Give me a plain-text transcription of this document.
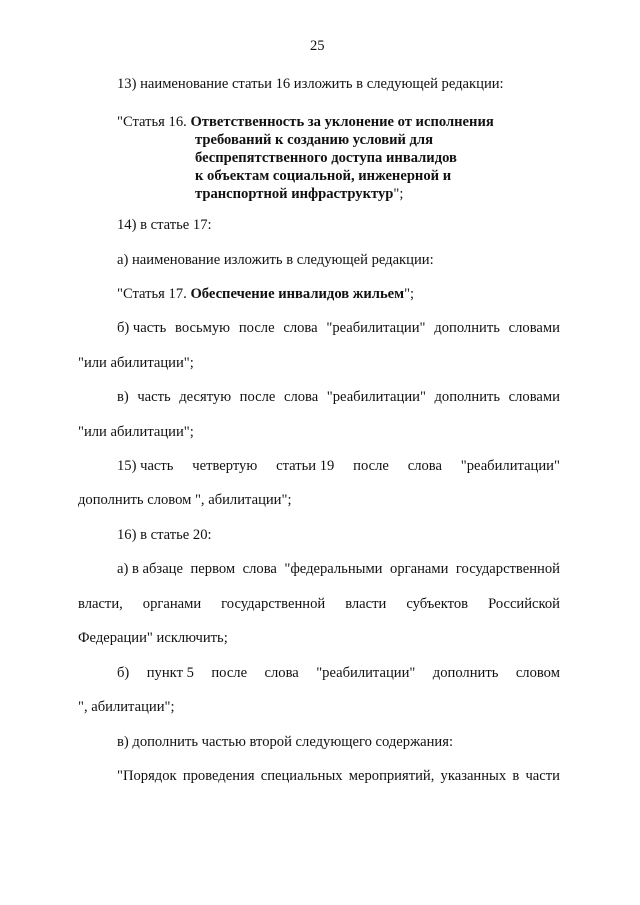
25
13) наименование статьи 16 изложить в следующей редакции:
"Статья 16. Ответственность за уклонение от исполнения
требований к созданию условий для
беспрепятственного доступа инвалидов
к объектам социальной, инженерной и
транспортной инфраструктур";
14) в статье 17:
а) наименование изложить в следующей редакции:
"Статья 17. Обеспечение инвалидов жильем";
б) часть восьмую после слова "реабилитации" дополнить словами
"или абилитации";
в) часть десятую после слова "реабилитации" дополнить словами
"или абилитации";
15) часть четвертую статьи 19 после слова "реабилитации"
дополнить словом ", абилитации";
16) в статье 20:
а) в абзаце первом слова "федеральными органами государственной
власти, органами государственной власти субъектов Российской
Федерации" исключить;
б) пункт 5 после слова "реабилитации" дополнить словом
", абилитации";
в) дополнить частью второй следующего содержания:
"Порядок проведения специальных мероприятий, указанных в части
